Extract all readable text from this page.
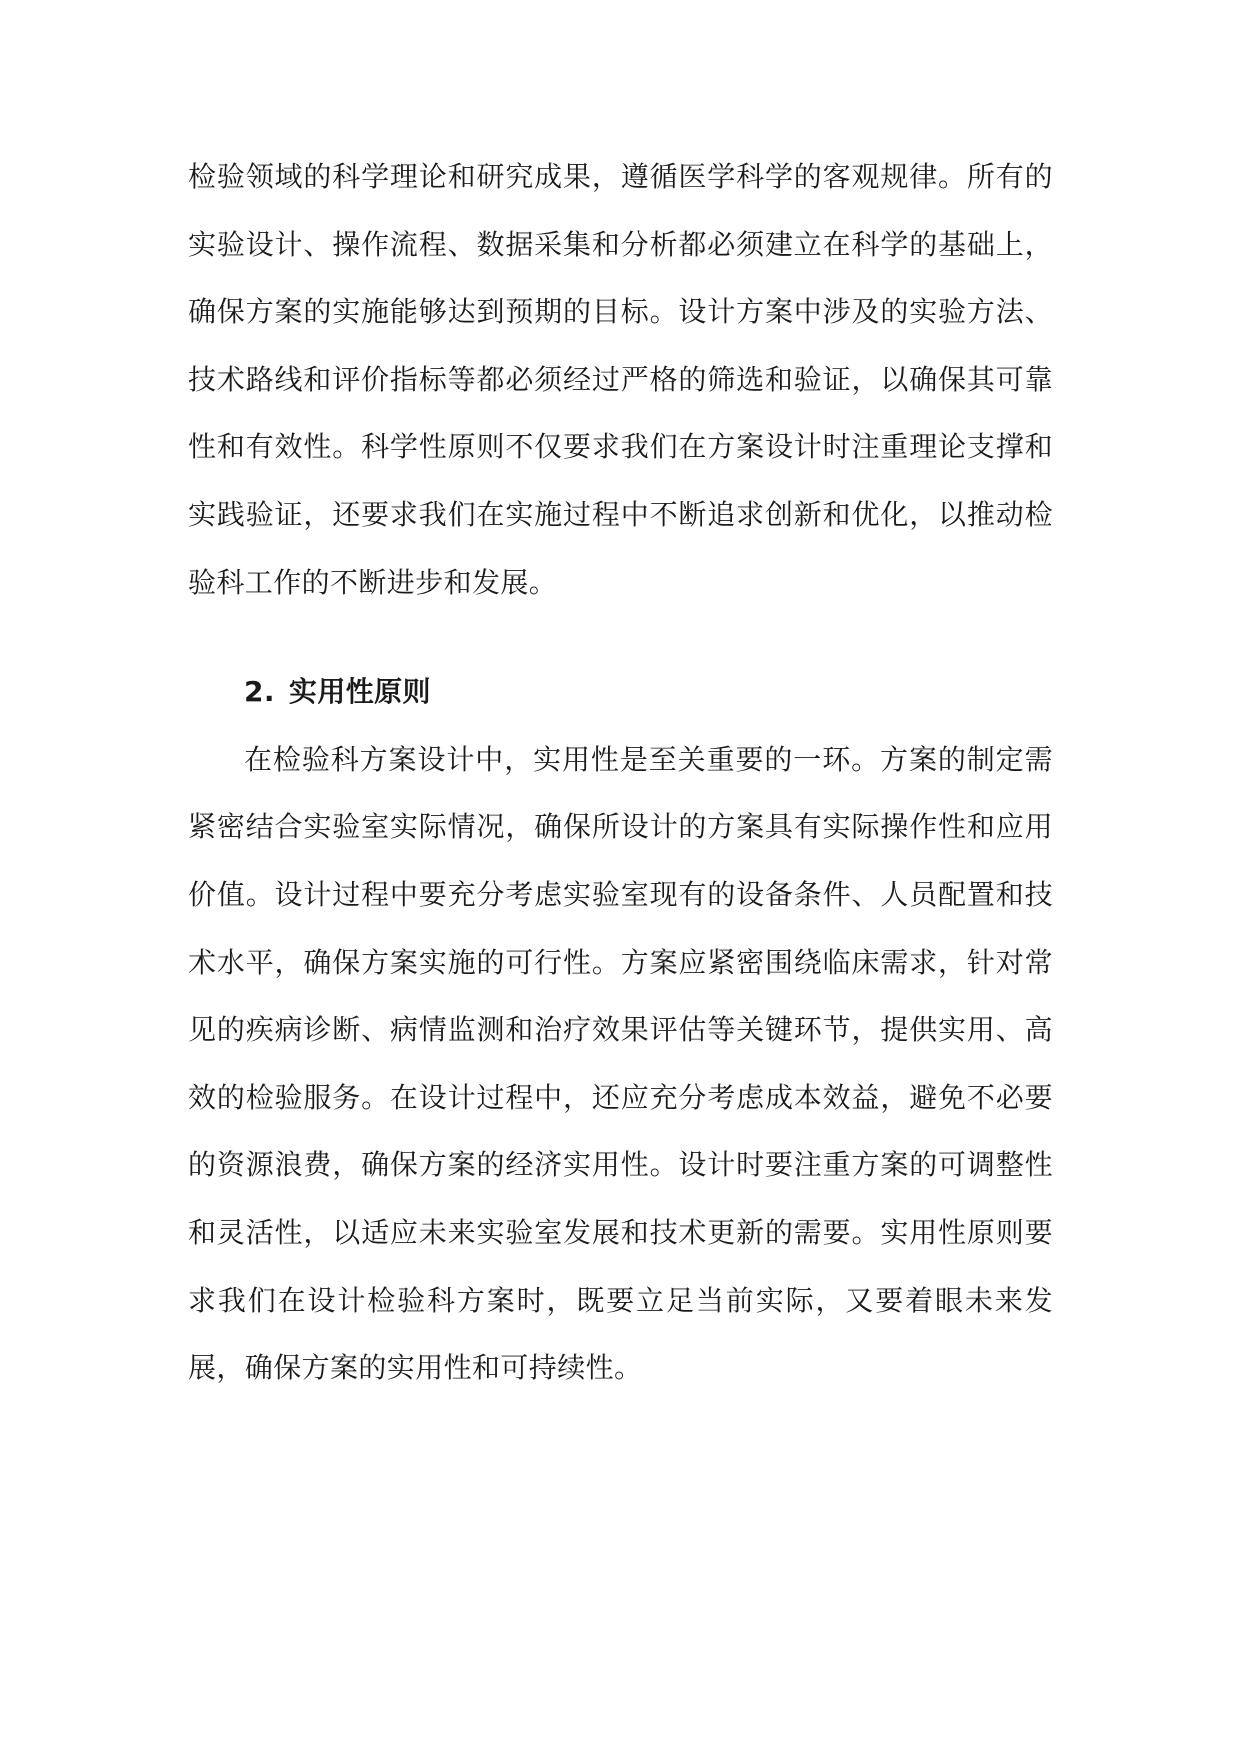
检验领域的科学理论和研究成果，遵循医学科学的客观规律。所有的实验设计、操作流程、数据采集和分析都必须建立在科学的基础上，确保方案的实施能够达到预期的目标。设计方案中涉及的实验方法、技术路线和评价指标等都必须经过严格的筛选和验证，以确保其可靠性和有效性。科学性原则不仅要求我们在方案设计时注重理论支撑和实践验证，还要求我们在实施过程中不断追求创新和优化，以推动检验科工作的不断进步和发展。

2. 实用性原则

在检验科方案设计中，实用性是至关重要的一环。方案的制定需紧密结合实验室实际情况，确保所设计的方案具有实际操作性和应用价值。设计过程中要充分考虑实验室现有的设备条件、人员配置和技术水平，确保方案实施的可行性。方案应紧密围绕临床需求，针对常见的疾病诊断、病情监测和治疗效果评估等关键环节，提供实用、高效的检验服务。在设计过程中，还应充分考虑成本效益，避免不必要的资源浪费，确保方案的经济实用性。设计时要注重方案的可调整性和灵活性，以适应未来实验室发展和技术更新的需要。实用性原则要求我们在设计检验科方案时，既要立足当前实际，又要着眼未来发展，确保方案的实用性和可持续性。
